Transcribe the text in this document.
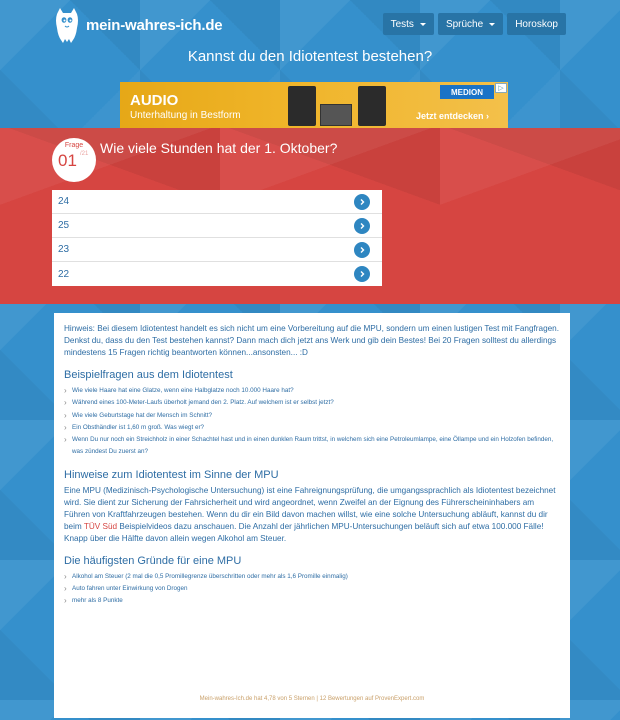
mein-wahres-ich.de	Tests	Sprüche	Horoskop
Kannst du den Idiotentest bestehen?
AUDIO
Unterhaltung in Bestform
MEDION	▷
Jetzt entdecken ›
Frage
01 /21 Wie viele Stunden hat der 1. Oktober?
24
25
23
22

Hinweis: Bei diesem Idiotentest handelt es sich nicht um eine Vorbereitung auf die MPU, sondern um einen lustigen Test mit Fangfragen. Denkst du, dass du den Test bestehen kannst? Dann mach dich jetzt ans Werk und gib dein Bestes! Bei 20 Fragen solltest du allerdings mindestens 15 Fragen richtig beantworten können...ansonsten... :D

Beispielfragen aus dem Idiotentest
› Wie viele Haare hat eine Glatze, wenn eine Halbglatze noch 10.000 Haare hat?
› Während eines 100-Meter-Laufs überholt jemand den 2. Platz. Auf welchem ist er selbst jetzt?
› Wie viele Geburtstage hat der Mensch im Schnitt?
› Ein Obsthändler ist 1,60 m groß. Was wiegt er?
› Wenn Du nur noch ein Streichholz in einer Schachtel hast und in einen dunklen Raum trittst, in welchem sich eine Petroleumlampe, eine Öllampe und ein Holzofen befinden, was zündest Du zuerst an?
Hinweise zum Idiotentest im Sinne der MPU

Eine MPU (Medizinisch-Psychologische Untersuchung) ist eine Fahreignungsprüfung, die umgangssprachlich als Idiotentest bezeichnet wird. Sie dient zur Sicherung der Fahrsicherheit und wird angeordnet, wenn Zweifel an der Eignung des Führerscheininhabers am Führen von Kraftfahrzeugen bestehen. Wenn du dir ein Bild davon machen willst, wie eine solche Untersuchung abläuft, kannst du dir beim TÜV Süd Beispielvideos dazu anschauen. Die Anzahl der jährlichen MPU-Untersuchungen beläuft sich auf etwa 100.000 Fälle! Knapp über die Hälfte davon allein wegen Alkohol am Steuer.

Die häufigsten Gründe für eine MPU
› Alkohol am Steuer (2 mal die 0,5 Promillegrenze überschritten oder mehr als 1,6 Promille einmalig)
› Auto fahren unter Einwirkung von Drogen
› mehr als 8 Punkte
Mein-wahres-Ich.de hat 4,78 von 5 Sternen | 12 Bewertungen auf ProvenExpert.com
